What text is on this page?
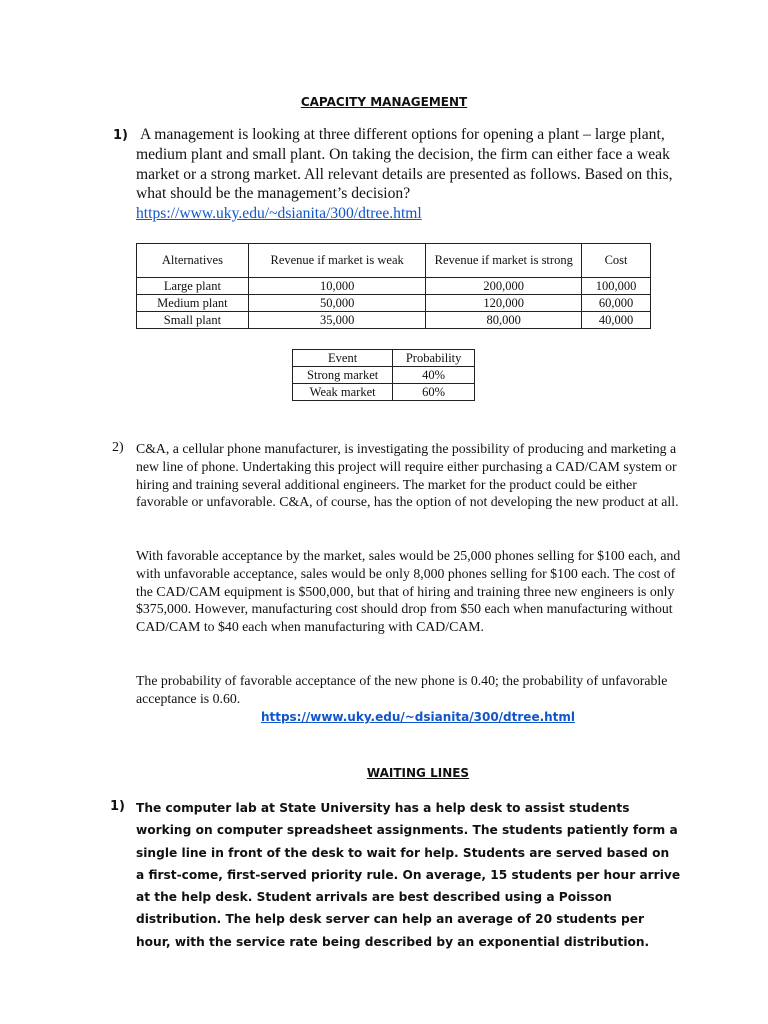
CAPACITY MANAGEMENT
1) A management is looking at three different options for opening a plant – large plant, medium plant and small plant. On taking the decision, the firm can either face a weak market or a strong market. All relevant details are presented as follows. Based on this, what should be the management’s decision?
https://www.uky.edu/~dsianita/300/dtree.html
Alternatives	Revenue if market is weak	Revenue if market is strong	Cost
Large plant	10,000	200,000	100,000
Medium plant	50,000	120,000	60,000
Small plant	35,000	80,000	40,000
Event	Probability
Strong market	40%
Weak market	60%
2) C&A, a cellular phone manufacturer, is investigating the possibility of producing and marketing a new line of phone. Undertaking this project will require either purchasing a CAD/CAM system or hiring and training several additional engineers. The market for the product could be either favorable or unfavorable. C&A, of course, has the option of not developing the new product at all.
With favorable acceptance by the market, sales would be 25,000 phones selling for $100 each, and with unfavorable acceptance, sales would be only 8,000 phones selling for $100 each. The cost of the CAD/CAM equipment is $500,000, but that of hiring and training three new engineers is only $375,000. However, manufacturing cost should drop from $50 each when manufacturing without CAD/CAM to $40 each when manufacturing with CAD/CAM.
The probability of favorable acceptance of the new phone is 0.40; the probability of unfavorable acceptance is 0.60.
https://www.uky.edu/~dsianita/300/dtree.html
WAITING LINES
1) The computer lab at State University has a help desk to assist students working on computer spreadsheet assignments. The students patiently form a single line in front of the desk to wait for help. Students are served based on a first-come, first-served priority rule. On average, 15 students per hour arrive at the help desk. Student arrivals are best described using a Poisson distribution. The help desk server can help an average of 20 students per hour, with the service rate being described by an exponential distribution.
